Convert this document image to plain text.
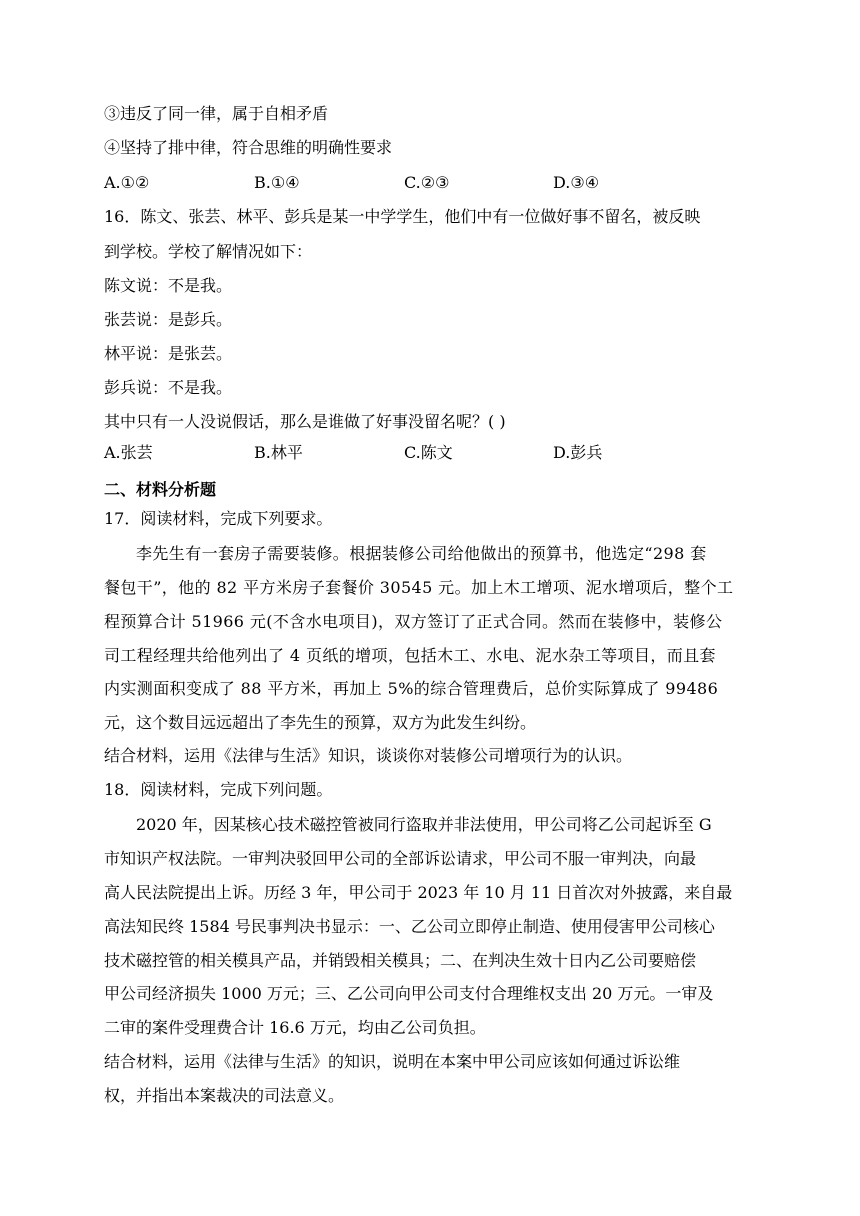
③违反了同一律，属于自相矛盾
④坚持了排中律，符合思维的明确性要求
A.①②	B.①④	C.②③	D.③④
16．陈文、张芸、林平、彭兵是某一中学学生，他们中有一位做好事不留名，被反映
到学校。学校了解情况如下：
陈文说：不是我。
张芸说：是彭兵。
林平说：是张芸。
彭兵说：不是我。
其中只有一人没说假话，那么是谁做了好事没留名呢？( )
A.张芸	B.林平	C.陈文	D.彭兵
二、材料分析题
17．阅读材料，完成下列要求。
李先生有一套房子需要装修。根据装修公司给他做出的预算书，他选定“298 套
餐包干”，他的 82 平方米房子套餐价 30545 元。加上木工增项、泥水增项后，整个工
程预算合计 51966 元(不含水电项目)，双方签订了正式合同。然而在装修中，装修公
司工程经理共给他列出了 4 页纸的增项，包括木工、水电、泥水杂工等项目，而且套
内实测面积变成了 88 平方米，再加上 5%的综合管理费后，总价实际算成了 99486
元，这个数目远远超出了李先生的预算，双方为此发生纠纷。
结合材料，运用《法律与生活》知识，谈谈你对装修公司增项行为的认识。
18．阅读材料，完成下列问题。
2020 年，因某核心技术磁控管被同行盗取并非法使用，甲公司将乙公司起诉至 G
市知识产权法院。一审判决驳回甲公司的全部诉讼请求，甲公司不服一审判决，向最
高人民法院提出上诉。历经 3 年，甲公司于 2023 年 10 月 11 日首次对外披露，来自最
高法知民终 1584 号民事判决书显示：一、乙公司立即停止制造、使用侵害甲公司核心
技术磁控管的相关模具产品，并销毁相关模具；二、在判决生效十日内乙公司要赔偿
甲公司经济损失 1000 万元；三、乙公司向甲公司支付合理维权支出 20 万元。一审及
二审的案件受理费合计 16.6 万元，均由乙公司负担。
结合材料，运用《法律与生活》的知识，说明在本案中甲公司应该如何通过诉讼维
权，并指出本案裁决的司法意义。
